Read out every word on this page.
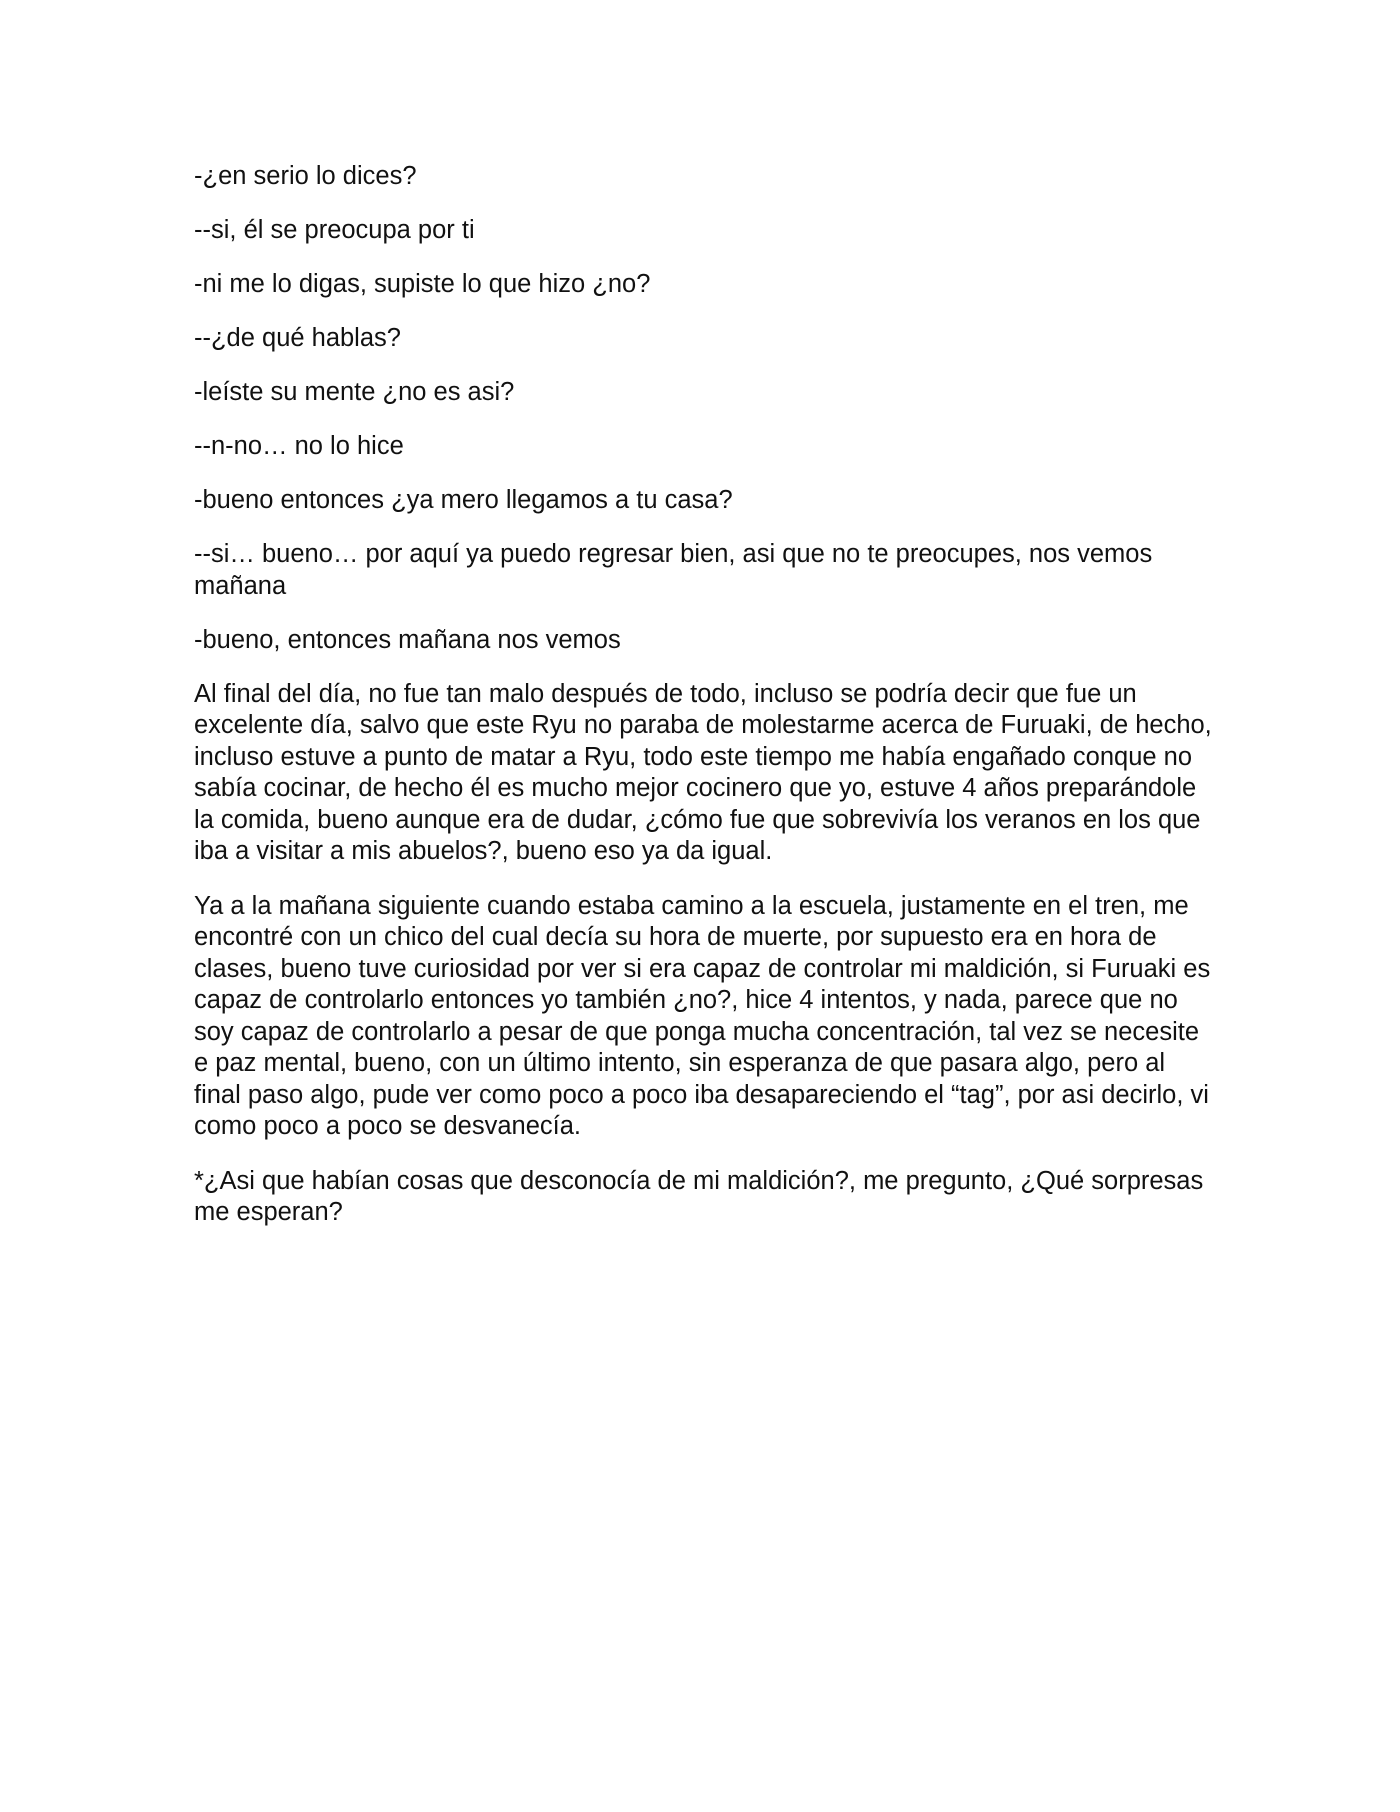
-¿en serio lo dices?

--si, él se preocupa por ti

-ni me lo digas, supiste lo que hizo ¿no?

--¿de qué hablas?

-leíste su mente ¿no es asi?

--n-no… no lo hice

-bueno entonces ¿ya mero llegamos a tu casa?

--si… bueno… por aquí ya puedo regresar bien, asi que no te preocupes, nos vemos mañana

-bueno, entonces mañana nos vemos

Al final del día, no fue tan malo después de todo, incluso se podría decir que fue un excelente día, salvo que este Ryu no paraba de molestarme acerca de Furuaki, de hecho, incluso estuve a punto de matar a Ryu, todo este tiempo me había engañado conque no sabía cocinar, de hecho él es mucho mejor cocinero que yo, estuve 4 años preparándole la comida, bueno aunque era de dudar, ¿cómo fue que sobrevivía los veranos en los que iba a visitar a mis abuelos?, bueno eso ya da igual.

Ya a la mañana siguiente cuando estaba camino a la escuela, justamente en el tren, me encontré con un chico del cual decía su hora de muerte, por supuesto era en hora de clases, bueno tuve curiosidad por ver si era capaz de controlar mi maldición, si Furuaki es capaz de controlarlo entonces yo también ¿no?, hice 4 intentos, y nada, parece que no soy capaz de controlarlo a pesar de que ponga mucha concentración, tal vez se necesite e paz mental, bueno, con un último intento, sin esperanza de que pasara algo, pero al final paso algo, pude ver como poco a poco iba desapareciendo el “tag”, por asi decirlo, vi como poco a poco se desvanecía.

*¿Asi que habían cosas que desconocía de mi maldición?, me pregunto, ¿Qué sorpresas me esperan?
